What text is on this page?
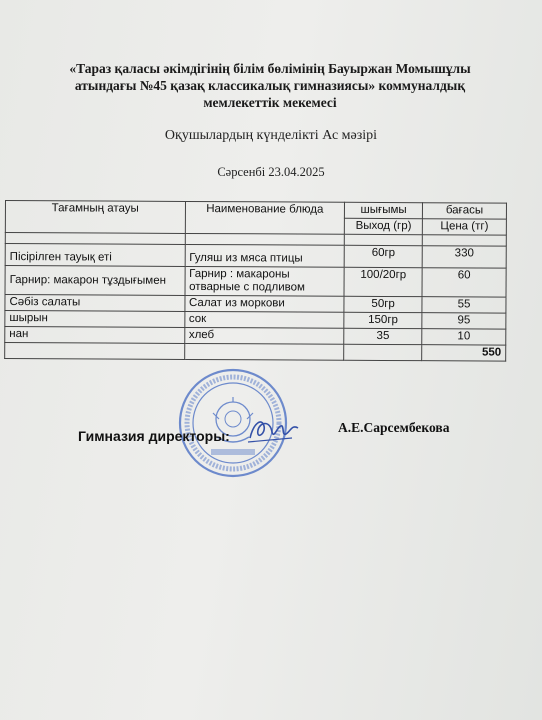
«Тараз қаласы әкімдігінің білім бөлімінің Бауыржан Момышұлы
атындағы №45 қазақ классикалық гимназиясы» коммуналдық
мемлекеттік мекемесі
Оқушылардың күнделікті Ас мәзірі
Сәрсенбі 23.04.2025
Тағамның атауы	Наименование блюда	шығымы	бағасы
		Выход (гр)	Цена (тг)

Пісірілген тауық еті	Гуляш из мяса птицы	60гр	330
Гарнир: макарон тұздығымен	Гарнир : макароны отварные с подливом	100/20гр	60
Сәбіз салаты	Салат из моркови	50гр	55
шырын	сок	150гр	95
нан	хлеб	35	10
			550
Гимназия директоры:
А.Е.Сарсембекова
